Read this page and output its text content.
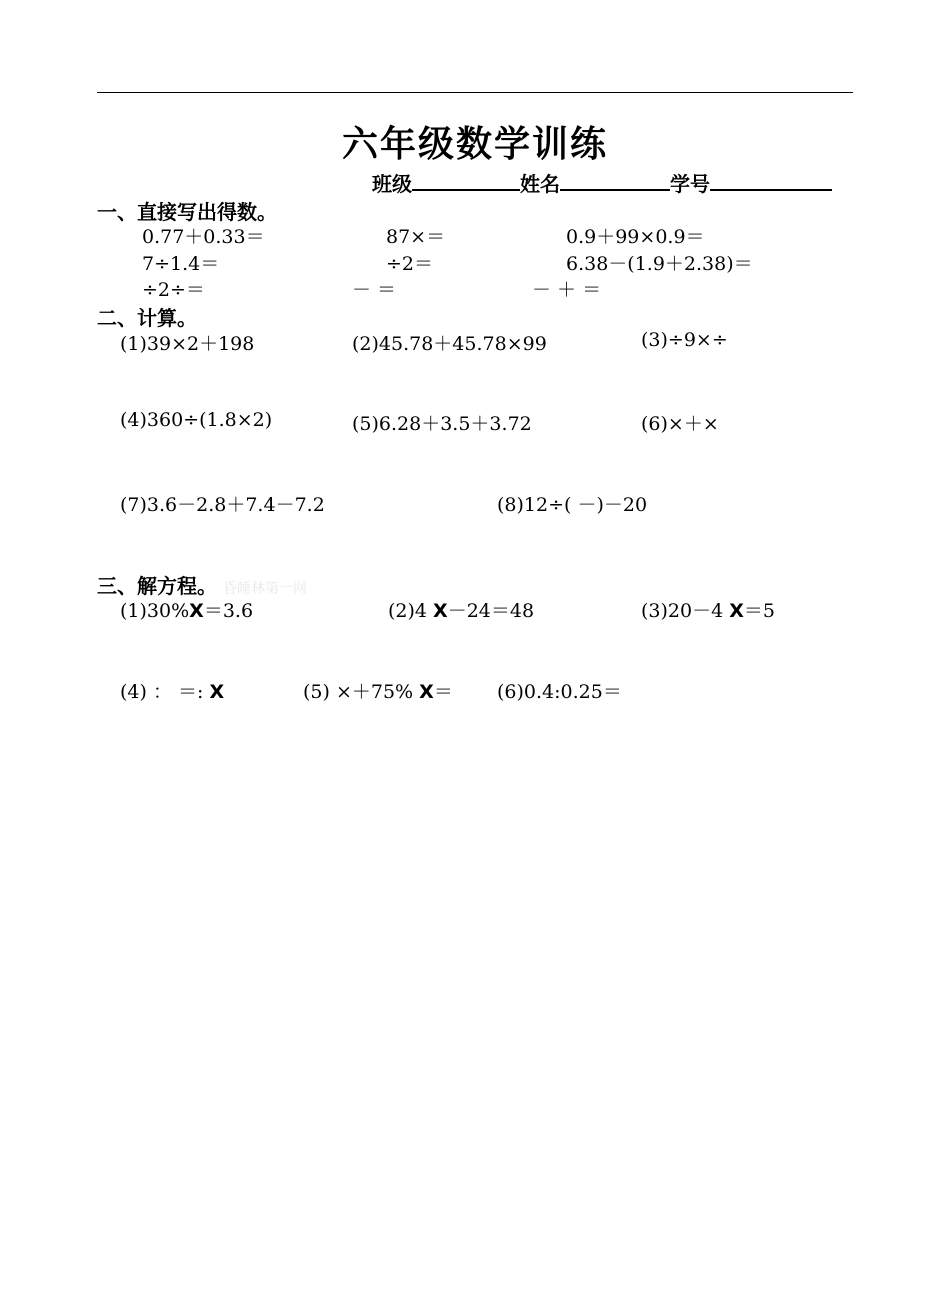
六年级数学训练
班级	姓名	学号
一、直接写出得数。
0.77＋0.33＝	87×＝	0.9＋99×0.9＝
7÷1.4＝	÷2＝	6.38－(1.9＋2.38)＝
÷2÷＝	－ ＝	－ ＋ ＝
二、计算。
(1)39×2＋198	(2)45.78＋45.78×99	(3)÷9×÷
(4)360÷(1.8×2)	(5)6.28＋3.5＋3.72	(6)×＋×
(7)3.6－2.8＋7.4－7.2	(8)12÷( －)－20
三、解方程。 昏睡林第一网
(1)30%X＝3.6	(2)4 X－24＝48	(3)20－4 X＝5
(4) ： ＝: X	(5) ×＋75% X＝ (6)0.4:0.25＝
